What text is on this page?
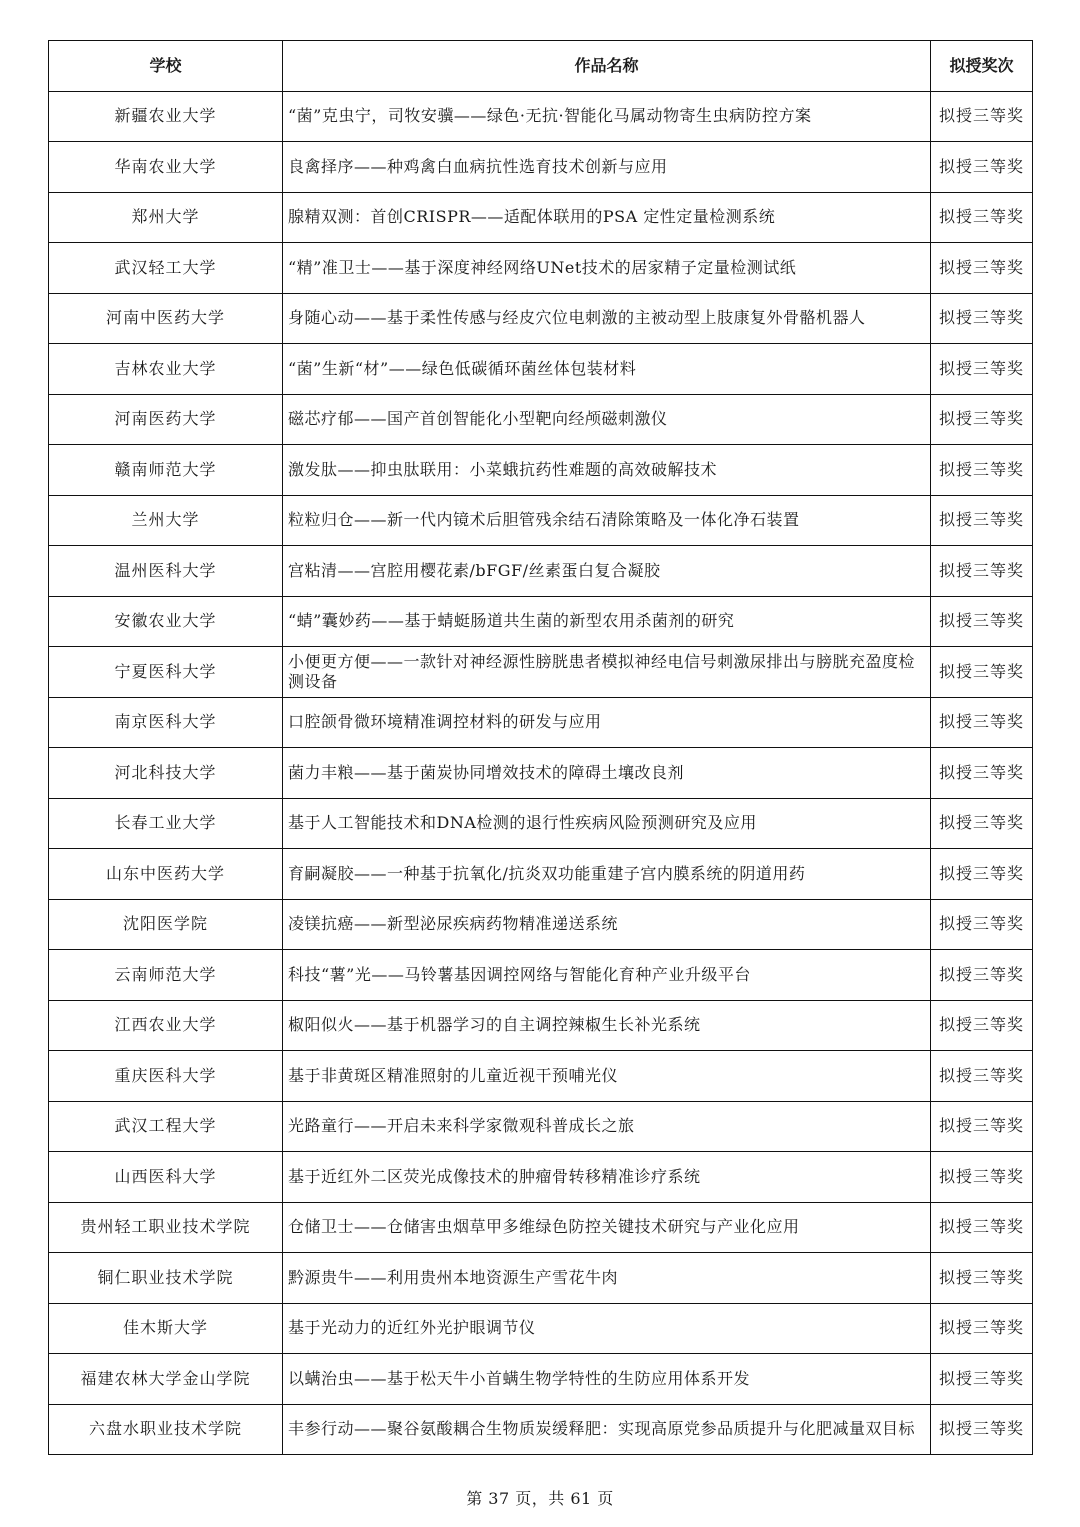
学校	作品名称	拟授奖次
新疆农业大学	“菌”克虫宁，司牧安骥——绿色·无抗·智能化马属动物寄生虫病防控方案	拟授三等奖
华南农业大学	良禽择序——种鸡禽白血病抗性选育技术创新与应用	拟授三等奖
郑州大学	腺精双测：首创CRISPR——适配体联用的PSA 定性定量检测系统	拟授三等奖
武汉轻工大学	“精”准卫士——基于深度神经网络UNet技术的居家精子定量检测试纸	拟授三等奖
河南中医药大学	身随心动——基于柔性传感与经皮穴位电刺激的主被动型上肢康复外骨骼机器人	拟授三等奖
吉林农业大学	“菌”生新“材”——绿色低碳循环菌丝体包装材料	拟授三等奖
河南医药大学	磁芯疗郁——国产首创智能化小型靶向经颅磁刺激仪	拟授三等奖
赣南师范大学	激发肽——抑虫肽联用：小菜蛾抗药性难题的高效破解技术	拟授三等奖
兰州大学	粒粒归仓——新一代内镜术后胆管残余结石清除策略及一体化净石装置	拟授三等奖
温州医科大学	宫粘清——宫腔用樱花素/bFGF/丝素蛋白复合凝胶	拟授三等奖
安徽农业大学	“蜻”囊妙药——基于蜻蜓肠道共生菌的新型农用杀菌剂的研究	拟授三等奖
宁夏医科大学	小便更方便——一款针对神经源性膀胱患者模拟神经电信号刺激尿排出与膀胱充盈度检测设备	拟授三等奖
南京医科大学	口腔颌骨微环境精准调控材料的研发与应用	拟授三等奖
河北科技大学	菌力丰粮——基于菌炭协同增效技术的障碍土壤改良剂	拟授三等奖
长春工业大学	基于人工智能技术和DNA检测的退行性疾病风险预测研究及应用	拟授三等奖
山东中医药大学	育嗣凝胶——一种基于抗氧化/抗炎双功能重建子宫内膜系统的阴道用药	拟授三等奖
沈阳医学院	凌镁抗癌——新型泌尿疾病药物精准递送系统	拟授三等奖
云南师范大学	科技“薯”光——马铃薯基因调控网络与智能化育种产业升级平台	拟授三等奖
江西农业大学	椒阳似火——基于机器学习的自主调控辣椒生长补光系统	拟授三等奖
重庆医科大学	基于非黄斑区精准照射的儿童近视干预哺光仪	拟授三等奖
武汉工程大学	光路童行——开启未来科学家微观科普成长之旅	拟授三等奖
山西医科大学	基于近红外二区荧光成像技术的肿瘤骨转移精准诊疗系统	拟授三等奖
贵州轻工职业技术学院	仓储卫士——仓储害虫烟草甲多维绿色防控关键技术研究与产业化应用	拟授三等奖
铜仁职业技术学院	黔源贵牛——利用贵州本地资源生产雪花牛肉	拟授三等奖
佳木斯大学	基于光动力的近红外光护眼调节仪	拟授三等奖
福建农林大学金山学院	以螨治虫——基于松天牛小首螨生物学特性的生防应用体系开发	拟授三等奖
六盘水职业技术学院	丰参行动——聚谷氨酸耦合生物质炭缓释肥：实现高原党参品质提升与化肥减量双目标	拟授三等奖
第 37 页，共 61 页
